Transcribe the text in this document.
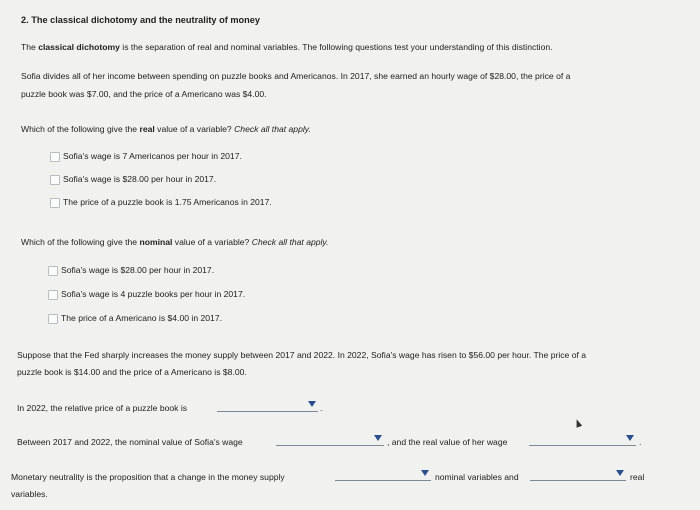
2. The classical dichotomy and the neutrality of money
The classical dichotomy is the separation of real and nominal variables. The following questions test your understanding of this distinction.
Sofia divides all of her income between spending on puzzle books and Americanos. In 2017, she earned an hourly wage of $28.00, the price of a
puzzle book was $7.00, and the price of a Americano was $4.00.
Which of the following give the real value of a variable? Check all that apply.
Sofia's wage is 7 Americanos per hour in 2017.
Sofia's wage is $28.00 per hour in 2017.
The price of a puzzle book is 1.75 Americanos in 2017.
Which of the following give the nominal value of a variable? Check all that apply.
Sofia's wage is $28.00 per hour in 2017.
Sofia's wage is 4 puzzle books per hour in 2017.
The price of a Americano is $4.00 in 2017.
Suppose that the Fed sharply increases the money supply between 2017 and 2022. In 2022, Sofia's wage has risen to $56.00 per hour. The price of a
puzzle book is $14.00 and the price of a Americano is $8.00.
In 2022, the relative price of a puzzle book is	.
Between 2017 and 2022, the nominal value of Sofia's wage	, and the real value of her wage	.
Monetary neutrality is the proposition that a change in the money supply	nominal variables and	real
variables.
